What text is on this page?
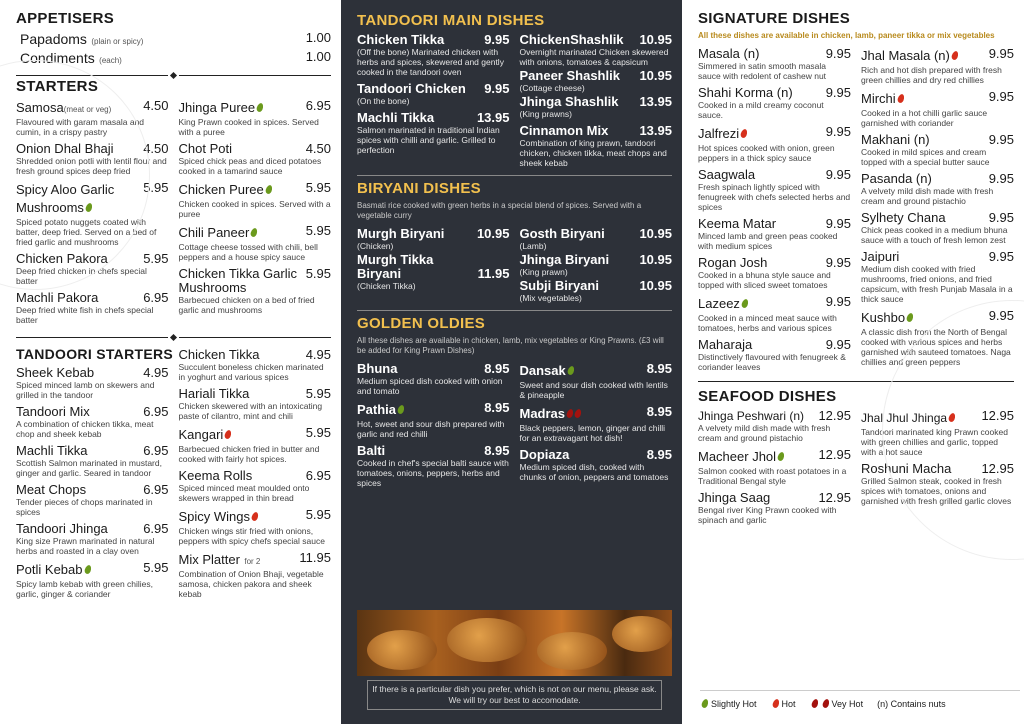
APPETISERS
Papadoms (plain or spicy)	1.00
Condiments (each)	1.00
STARTERS
Samosa(meat or veg) 4.50
Flavoured with garam masala and cumin, in a crispy pastry
Onion Dhal Bhaji 4.50
Shredded onion potli with lentil flour and fresh ground spices deep fried
Spicy Aloo Garlic Mushrooms
5.95
Spiced potato nuggets coated with batter, deep fried. Served on a bed of fried garlic and mushrooms
Chicken Pakora	5.95
Deep fried chicken in chefs special batter
Machli Pakora	6.95
Deep fried white fish in chefs special batter
Jhinga Puree	6.95
King Prawn cooked in spices. Served with a puree
Chot Poti	4.50
Spiced chick peas and diced potatoes cooked in a tamarind sauce
Chicken Puree	5.95
Chicken cooked in spices. Served with a puree
Chili Paneer	5.95
Cottage cheese tossed with chili, bell peppers and a house spicy sauce
Chicken Tikka Garlic Mushrooms
5.95
Barbecued chicken on a bed of fried garlic and mushrooms
TANDOORI STARTERS
Sheek Kebab	4.95
Spiced minced lamb on skewers and grilled in the tandoor
Tandoori Mix	6.95
A combination of chicken tikka, meat chop and sheek kebab
Machli Tikka	6.95
Scottish Salmon marinated in mustard, ginger and garlic. Seared in tandoor
Meat Chops	6.95
Tender pieces of chops marinated in spices
Tandoori Jhinga	6.95
King size Prawn marinated in natural herbs and roasted in a clay oven
Potli Kebab	5.95
Spicy lamb kebab with green chilies, garlic, ginger & coriander
Chicken Tikka	4.95
Succulent boneless chicken marinated in yoghurt and various spices
Hariali Tikka	5.95
Chicken skewered with an intoxicating paste of cilantro, mint and chili
Kangari	5.95
Barbecued chicken fried in butter and cooked with fairly hot spices.
Keema Rolls	6.95
Spiced minced meat moulded onto skewers wrapped in thin bread
Spicy Wings	5.95
Chicken wings stir fried with onions, peppers with spicy chefs special sauce
Mix Platter for 2	11.95
Combination of Onion Bhaji, vegetable samosa, chicken pakora and sheek kebab
TANDOORI MAIN DISHES
Chicken Tikka	9.95
(Off the bone) Marinated chicken with herbs and spices, skewered and gently cooked in the tandoori oven
Tandoori Chicken 9.95
(On the bone)
Machli Tikka	13.95
Salmon marinated in traditional Indian spices with chilli and garlic. Grilled to perfection
ChickenShashlik 10.95
Overnight marinated Chicken skewered with onions, tomatoes & capsicum
Paneer Shashlik 10.95
(Cottage cheese)
Jhinga Shashlik 13.95
(King prawns)
Cinnamon Mix 13.95
Combination of king prawn, tandoori chicken, chicken tikka, meat chops and sheek kebab
BIRYANI DISHES
Basmati rice cooked with green herbs in a special blend of spices. Served with a vegetable curry
Murgh Biryani	10.95
(Chicken)
Murgh Tikka Biryani	11.95
(Chicken Tikka)
Gosth Biryani	10.95
(Lamb)
Jhinga Biryani 10.95
(King prawn)
Subji Biryani	10.95
(Mix vegetables)
GOLDEN OLDIES
All these dishes are available in chicken, lamb, mix vegetables or King Prawns. (£3 will be added for King Prawn Dishes)
Bhuna	8.95
Medium spiced dish cooked with onion and tomato
Pathia	8.95
Hot, sweet and sour dish prepared with garlic and red chilli
Balti	8.95
Cooked in chef's special balti sauce with tomatoes, onions, peppers, herbs and spices
Dansak	8.95
Sweet and sour dish cooked with lentils & pineapple
Madras	8.95
Black peppers, lemon, ginger and chilli for an extravagant hot dish!
Dopiaza	8.95
Medium spiced dish, cooked with chunks of onion, peppers and tomatoes
If there is a particular dish you prefer, which is not on our menu, please ask. We will try our best to accomodate.
SIGNATURE DISHES
All these dishes are available in chicken, lamb, paneer tikka or mix vegetables
Masala (n)	9.95
Simmered in satin smooth masala sauce with redolent of cashew nut
Shahi Korma (n)	9.95
Cooked in a mild creamy coconut sauce.
Jalfrezi	9.95
Hot spices cooked with onion, green peppers in a thick spicy sauce
Saagwala	9.95
Fresh spinach lightly spiced with fenugreek with chefs selected herbs and spices
Keema Matar	9.95
Minced lamb and green peas cooked with medium spices
Rogan Josh	9.95
Cooked in a bhuna style sauce and topped with sliced sweet tomatoes
Lazeez	9.95
Cooked in a minced meat sauce with tomatoes, herbs and various spices
Maharaja	9.95
Distinctively flavoured with fenugreek & coriander leaves
Jhal Masala (n)	9.95
Rich and hot dish prepared with fresh green chillies and dry red chillies
Mirchi	9.95
Cooked in a hot chilli garlic sauce garnished with coriander
Makhani (n)	9.95
Cooked in mild spices and cream topped with a special butter sauce
Pasanda (n)	9.95
A velvety mild dish made with fresh cream and ground pistachio
Sylhety Chana	9.95
Chick peas cooked in a medium bhuna sauce with a touch of fresh lemon zest
Jaipuri	9.95
Medium dish cooked with fried mushrooms, fried onions, and fried capsicum, with fresh Punjab Masala in a thick sauce
Kushbo	9.95
A classic dish from the North of Bengal cooked with various spices and herbs garnished with sauteed tomatoes. Naga chillies and green peppers
SEAFOOD DISHES
Jhinga Peshwari (n) 12.95
A velvety mild dish made with fresh cream and ground pistachio
Macheer Jhol	12.95
Salmon cooked with roast potatoes in a Traditional Bengal style
Jhinga Saag	12.95
Bengal river King Prawn cooked with spinach and garlic
Jhal Jhul Jhinga	12.95
Tandoori marinated king Prawn cooked with green chillies and garlic, topped with a hot sauce
Roshuni Macha 12.95
Grilled Salmon steak, cooked in fresh spices with tomatoes, onions and garnished with fresh grilled garlic cloves
Slightly Hot	Hot	Vey Hot (n) Contains nuts
